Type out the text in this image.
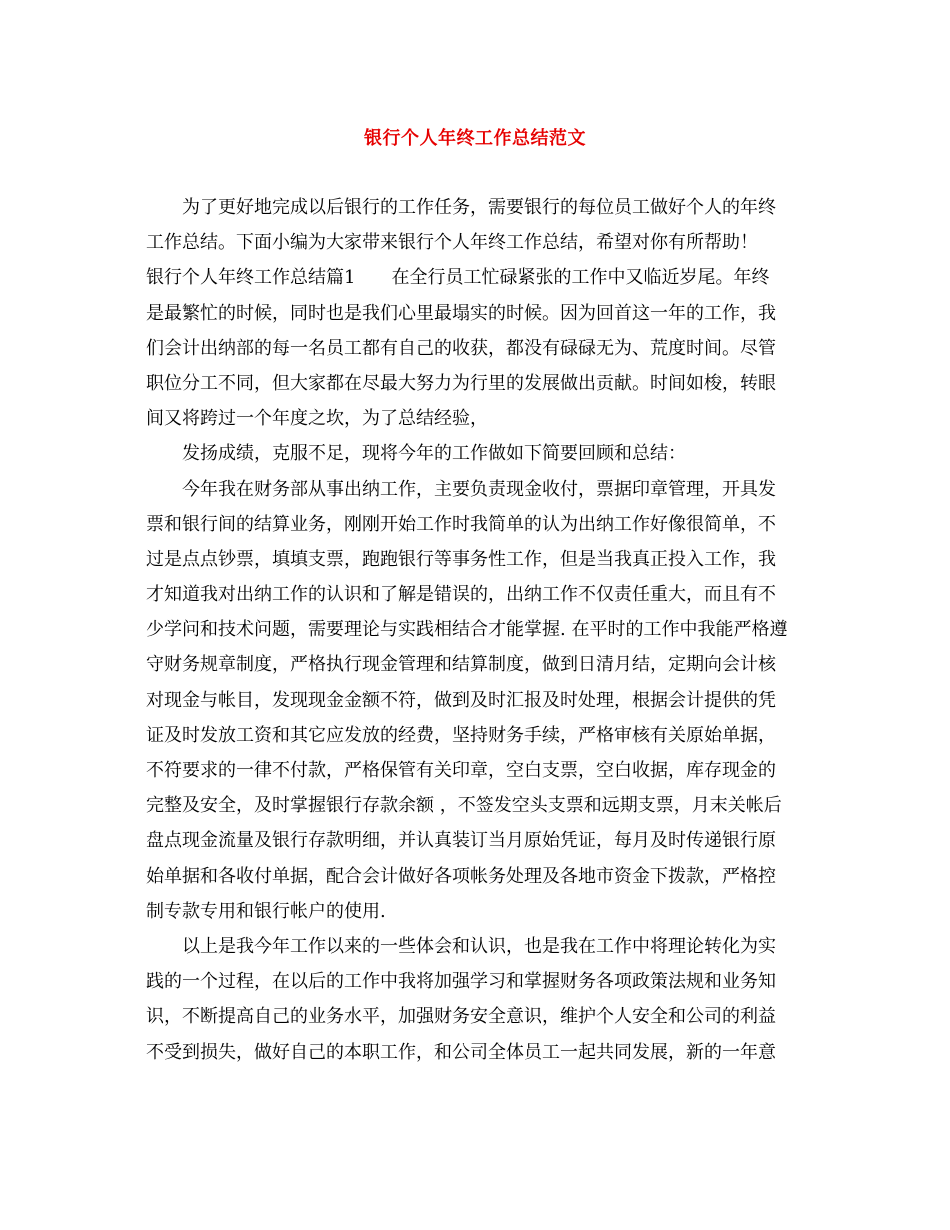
银行个人年终工作总结范文
为了更好地完成以后银行的工作任务，需要银行的每位员工做好个人的年终
工作总结。下面小编为大家带来银行个人年终工作总结，希望对你有所帮助！
银行个人年终工作总结篇1 在全行员工忙碌紧张的工作中又临近岁尾。年终
是最繁忙的时候，同时也是我们心里最塌实的时候。因为回首这一年的工作，我
们会计出纳部的每一名员工都有自己的收获，都没有碌碌无为、荒度时间。尽管
职位分工不同，但大家都在尽最大努力为行里的发展做出贡献。时间如梭，转眼
间又将跨过一个年度之坎，为了总结经验，
发扬成绩，克服不足，现将今年的工作做如下简要回顾和总结：
今年我在财务部从事出纳工作，主要负责现金收付，票据印章管理，开具发
票和银行间的结算业务，刚刚开始工作时我简单的认为出纳工作好像很简单，不
过是点点钞票，填填支票，跑跑银行等事务性工作，但是当我真正投入工作，我
才知道我对出纳工作的认识和了解是错误的，出纳工作不仅责任重大，而且有不
少学问和技术问题，需要理论与实践相结合才能掌握. 在平时的工作中我能严格遵
守财务规章制度，严格执行现金管理和结算制度，做到日清月结，定期向会计核
对现金与帐目，发现现金金额不符，做到及时汇报及时处理，根据会计提供的凭
证及时发放工资和其它应发放的经费，坚持财务手续，严格审核有关原始单据，
不符要求的一律不付款，严格保管有关印章，空白支票，空白收据，库存现金的
完整及安全，及时掌握银行存款余额 ，不签发空头支票和远期支票，月末关帐后
盘点现金流量及银行存款明细，并认真装订当月原始凭证，每月及时传递银行原
始单据和各收付单据，配合会计做好各项帐务处理及各地市资金下拨款，严格控
制专款专用和银行帐户的使用.
以上是我今年工作以来的一些体会和认识，也是我在工作中将理论转化为实
践的一个过程，在以后的工作中我将加强学习和掌握财务各项政策法规和业务知
识，不断提高自己的业务水平，加强财务安全意识，维护个人安全和公司的利益
不受到损失，做好自己的本职工作，和公司全体员工一起共同发展，新的一年意
